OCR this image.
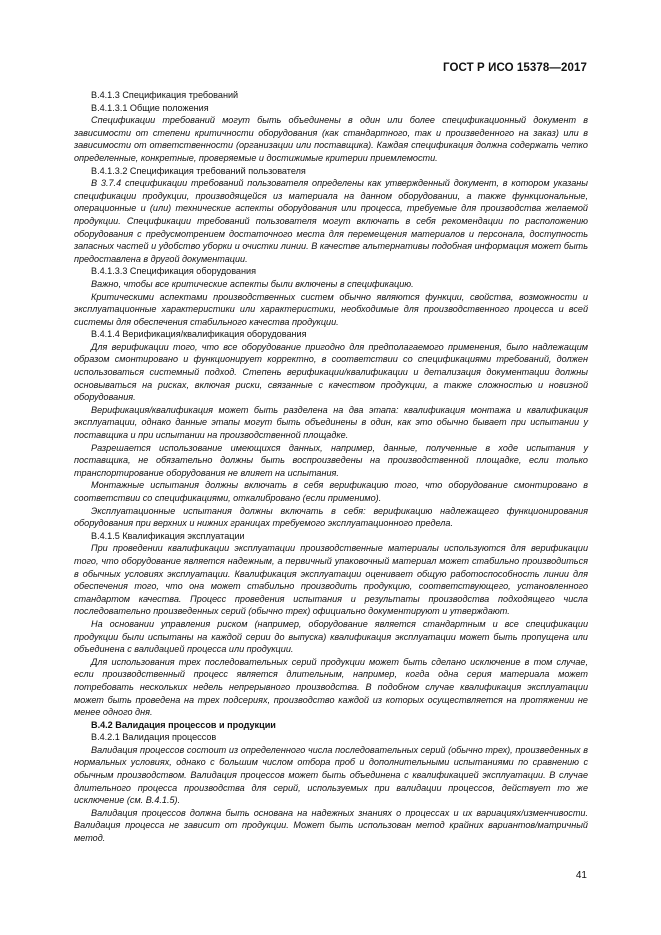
ГОСТ Р ИСО 15378—2017

B.4.1.3 Спецификация требований

B.4.1.3.1 Общие положения

Спецификации требований могут быть объединены в один или более спецификационный документ в зависимости от степени критичности оборудования (как стандартного, так и произведенного на заказ) или в зависимости от ответственности (организации или поставщика). Каждая спецификация должна содержать четко определенные, конкретные, проверяемые и достижимые критерии приемлемости.

B.4.1.3.2 Спецификация требований пользователя

В 3.7.4 спецификации требований пользователя определены как утвержденный документ, в котором указаны спецификации продукции, производящейся из материала на данном оборудовании, а также функциональные, операционные и (или) технические аспекты оборудования или процесса, требуемые для производства желаемой продукции. Спецификации требований пользователя могут включать в себя рекомендации по расположению оборудования с предусмотрением достаточного места для перемещения материалов и персонала, доступность запасных частей и удобство уборки и очистки линии. В качестве альтернативы подобная информация может быть предоставлена в другой документации.

B.4.1.3.3 Спецификация оборудования

Важно, чтобы все критические аспекты были включены в спецификацию.

Критическими аспектами производственных систем обычно являются функции, свойства, возможности и эксплуатационные характеристики или характеристики, необходимые для производственного процесса и всей системы для обеспечения стабильного качества продукции.

B.4.1.4 Верификация/квалификация оборудования

Для верификации того, что все оборудование пригодно для предполагаемого применения, было надлежащим образом смонтировано и функционирует корректно, в соответствии со спецификациями требований, должен использоваться системный подход. Степень верификации/квалификации и детализация документации должны основываться на рисках, включая риски, связанные с качеством продукции, а также сложностью и новизной оборудования.

Верификация/квалификация может быть разделена на два этапа: квалификация монтажа и квалификация эксплуатации, однако данные этапы могут быть объединены в один, как это обычно бывает при испытании у поставщика и при испытании на производственной площадке.

Разрешается использование имеющихся данных, например, данные, полученные в ходе испытания у поставщика, не обязательно должны быть воспроизведены на производственной площадке, если только транспортирование оборудования не влияет на испытания.

Монтажные испытания должны включать в себя верификацию того, что оборудование смонтировано в соответствии со спецификациями, откалибровано (если применимо).

Эксплуатационные испытания должны включать в себя: верификацию надлежащего функционирования оборудования при верхних и нижних границах требуемого эксплуатационного предела.

B.4.1.5 Квалификация эксплуатации

При проведении квалификации эксплуатации производственные материалы используются для верификации того, что оборудование является надежным, а первичный упаковочный материал может стабильно производиться в обычных условиях эксплуатации. Квалификация эксплуатации оценивает общую работоспособность линии для обеспечения того, что она может стабильно производить продукцию, соответствующего, установленного стандартом качества. Процесс проведения испытания и результаты производства подходящего числа последовательно произведенных серий (обычно трех) официально документируют и утверждают.

На основании управления риском (например, оборудование является стандартным и все спецификации продукции были испытаны на каждой серии до выпуска) квалификация эксплуатации может быть пропущена или объединена с валидацией процесса или продукции.

Для использования трех последовательных серий продукции может быть сделано исключение в том случае, если производственный процесс является длительным, например, когда одна серия материала может потребовать нескольких недель непрерывного производства. В подобном случае квалификация эксплуатации может быть проведена на трех подсериях, производство каждой из которых осуществляется на протяжении не менее одного дня.

B.4.2 Валидация процессов и продукции

B.4.2.1 Валидация процессов

Валидация процессов состоит из определенного числа последовательных серий (обычно трех), произведенных в нормальных условиях, однако с большим числом отбора проб и дополнительными испытаниями по сравнению с обычным производством. Валидация процессов может быть объединена с квалификацией эксплуатации. В случае длительного процесса производства для серий, используемых при валидации процессов, действует то же исключение (см. B.4.1.5).

Валидация процессов должна быть основана на надежных знаниях о процессах и их вариациях/изменчивости. Валидация процесса не зависит от продукции. Может быть использован метод крайних вариантов/матричный метод.

41
